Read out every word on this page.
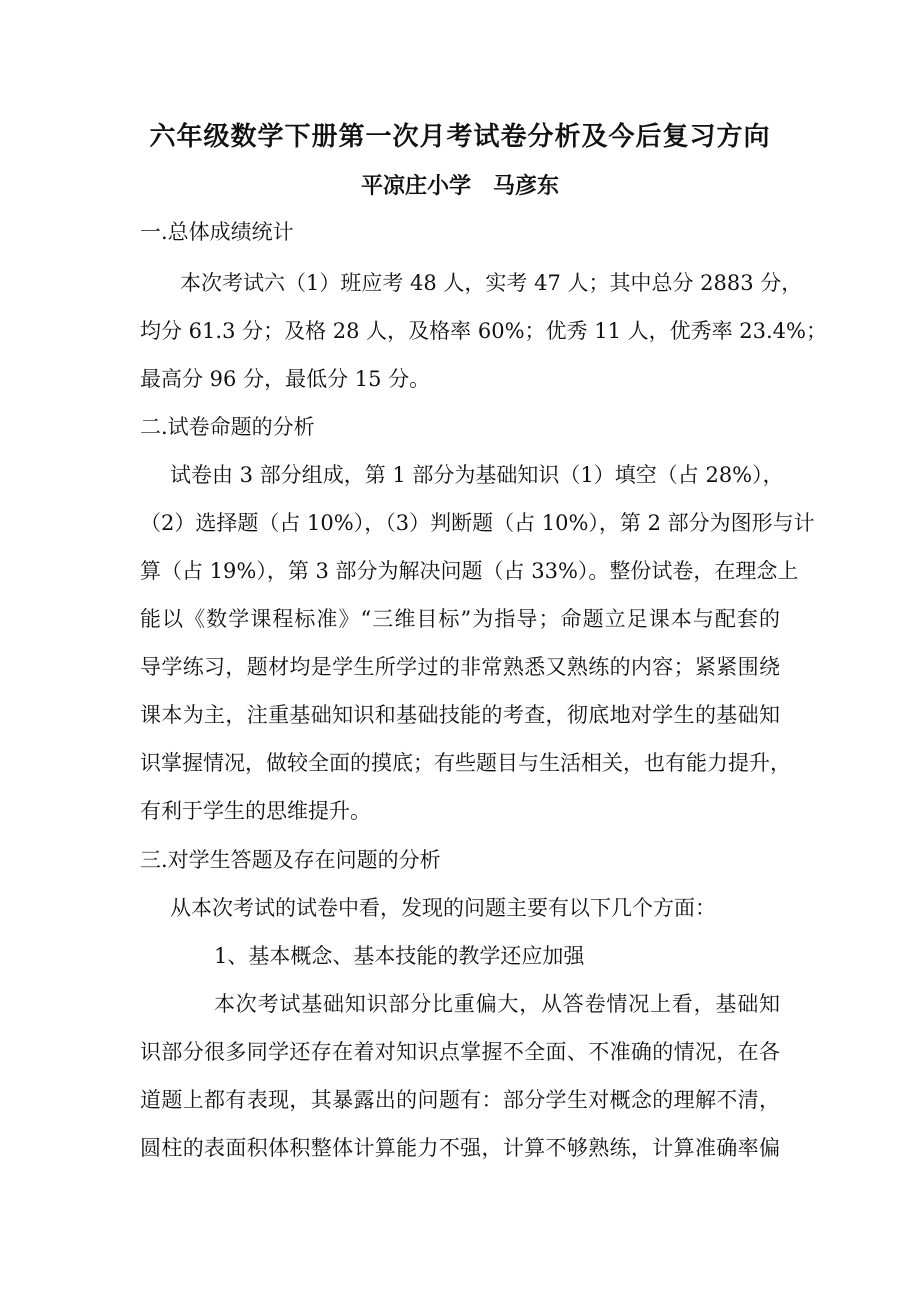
六年级数学下册第一次月考试卷分析及今后复习方向
平凉庄小学　马彦东
一.总体成绩统计
本次考试六（1）班应考 48 人，实考 47 人；其中总分 2883 分，
均分 61.3 分；及格 28 人，及格率 60%；优秀 11 人，优秀率 23.4%；
最高分 96 分，最低分 15 分。
二.试卷命题的分析
试卷由 3 部分组成，第 1 部分为基础知识（1）填空（占 28%），
（2）选择题（占 10%），（3）判断题（占 10%），第 2 部分为图形与计
算（占 19%），第 3 部分为解决问题（占 33%）。整份试卷，在理念上
能以《数学课程标准》“三维目标”为指导；命题立足课本与配套的
导学练习，题材均是学生所学过的非常熟悉又熟练的内容；紧紧围绕
课本为主，注重基础知识和基础技能的考查，彻底地对学生的基础知
识掌握情况，做较全面的摸底；有些题目与生活相关，也有能力提升，
有利于学生的思维提升。
三.对学生答题及存在问题的分析
从本次考试的试卷中看，发现的问题主要有以下几个方面：
1、基本概念、基本技能的教学还应加强
本次考试基础知识部分比重偏大，从答卷情况上看，基础知
识部分很多同学还存在着对知识点掌握不全面、不准确的情况，在各
道题上都有表现，其暴露出的问题有：部分学生对概念的理解不清，
圆柱的表面积体积整体计算能力不强，计算不够熟练，计算准确率偏
